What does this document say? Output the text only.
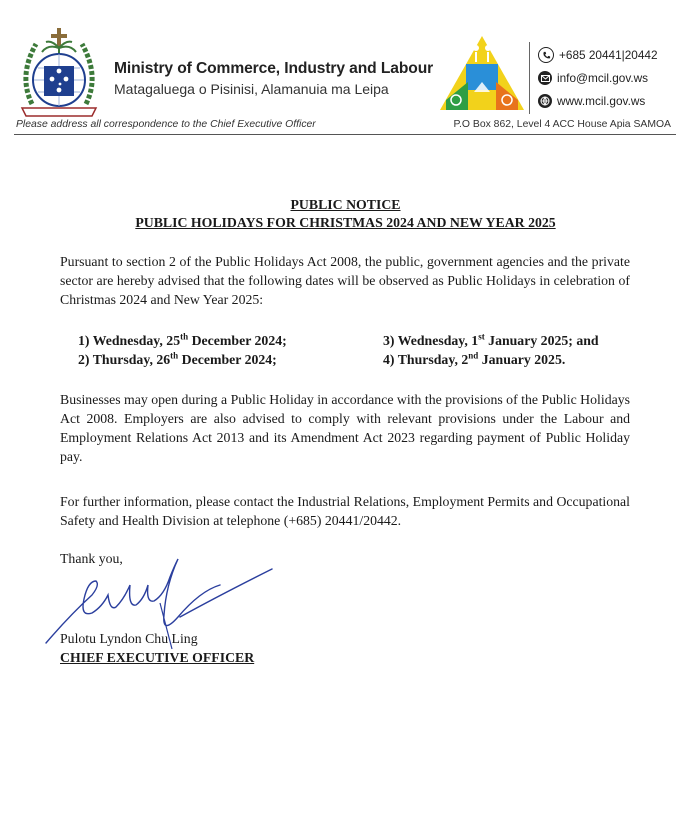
Ministry of Commerce, Industry and Labour
Matagaluega o Pisinisi, Alamanuia ma Leipa
+685 20441|20442
info@mcil.gov.ws
www.mcil.gov.ws
Please address all correspondence to the Chief Executive Officer	P.O Box 862, Level 4 ACC House Apia SAMOA
PUBLIC NOTICE
PUBLIC HOLIDAYS FOR CHRISTMAS 2024 AND NEW YEAR 2025
Pursuant to section 2 of the Public Holidays Act 2008, the public, government agencies and the private sector are hereby advised that the following dates will be observed as Public Holidays in celebration of Christmas 2024 and New Year 2025:
1) Wednesday, 25th December 2024;
2) Thursday, 26th December 2024;
3) Wednesday, 1st January 2025; and
4) Thursday, 2nd January 2025.
Businesses may open during a Public Holiday in accordance with the provisions of the Public Holidays Act 2008. Employers are also advised to comply with relevant provisions under the Labour and Employment Relations Act 2013 and its Amendment Act 2023 regarding payment of Public Holiday pay.
For further information, please contact the Industrial Relations, Employment Permits and Occupational Safety and Health Division at telephone (+685) 20441/20442.
Thank you,
Pulotu Lyndon Chu Ling
CHIEF EXECUTIVE OFFICER
